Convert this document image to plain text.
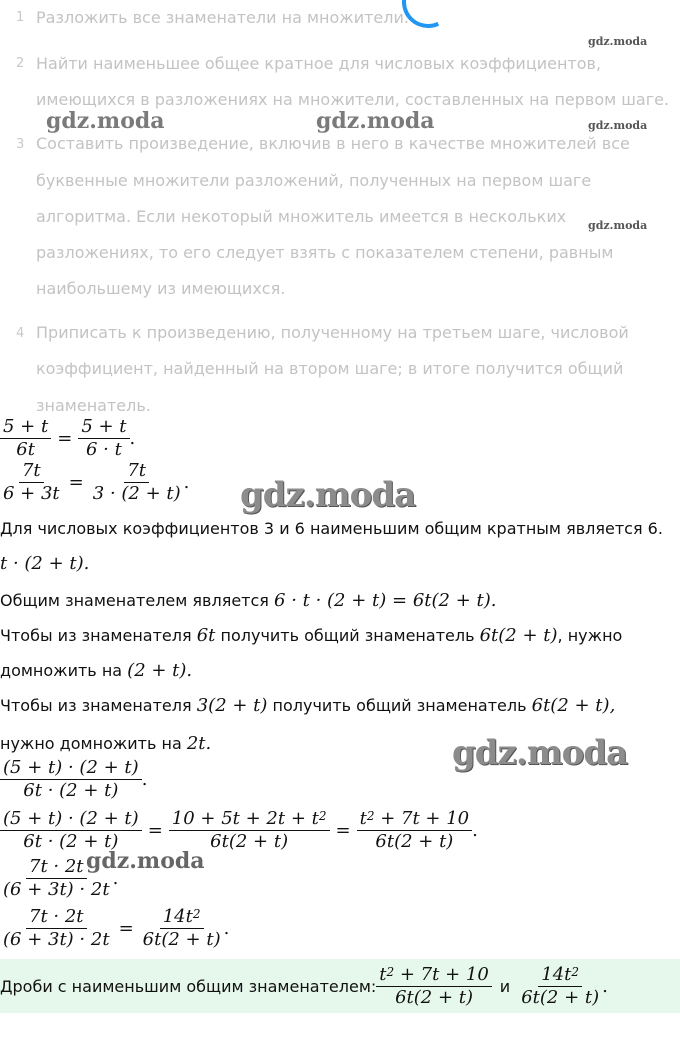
1 Разложить все знаменатели на множители.
2 Найти наименьшее общее кратное для числовых коэффициентов,
имеющихся в разложениях на множители, составленных на первом шаге.
3 Составить произведение, включив в него в качестве множителей все
буквенные множители разложений, полученных на первом шаге
алгоритма. Если некоторый множитель имеется в нескольких
разложениях, то его следует взять с показателем степени, равным
наибольшему из имеющихся.
4 Приписать к произведению, полученному на третьем шаге, числовой
коэффициент, найденный на втором шаге; в итоге получится общий
знаменатель.
gdz.moda
gdz.moda	gdz.moda	gdz.moda
gdz.moda
gdz.moda
gdz.moda
gdz.moda
$\frac{5 + t}{6t} = \frac{5 + t}{6 \cdot t}$ .
$\frac{7t}{6 + 3t} = \frac{7t}{3 \cdot (2 + t)}$ .
Для числовых коэффициентов 3 и 6 наименьшим общим кратным является 6.
t · (2 + t).
Общим знаменателем является 6 · t · (2 + t) = 6t(2 + t).
Чтобы из знаменателя 6t получить общий знаменатель 6t(2 + t), нужно
домножить на (2 + t).
Чтобы из знаменателя 3(2 + t) получить общий знаменатель 6t(2 + t),
нужно домножить на 2t.
$\frac{(5 + t) \cdot (2 + t)}{6t \cdot (2 + t)}$ .
$\frac{(5 + t) \cdot (2 + t)}{6t \cdot (2 + t)} = \frac{10 + 5t + 2t + t^2}{6t(2 + t)} = \frac{t^2 + 7t + 10}{6t(2 + t)}$ .
$\frac{7t \cdot 2t}{(6 + 3t) \cdot 2t}$ .
$\frac{7t \cdot 2t}{(6 + 3t) \cdot 2t} = \frac{14t^2}{6t(2 + t)}$ .
Дроби с наименьшим общим знаменателем: $\frac{t^2 + 7t + 10}{6t(2 + t)}$ и $\frac{14t^2}{6t(2 + t)}$ .
